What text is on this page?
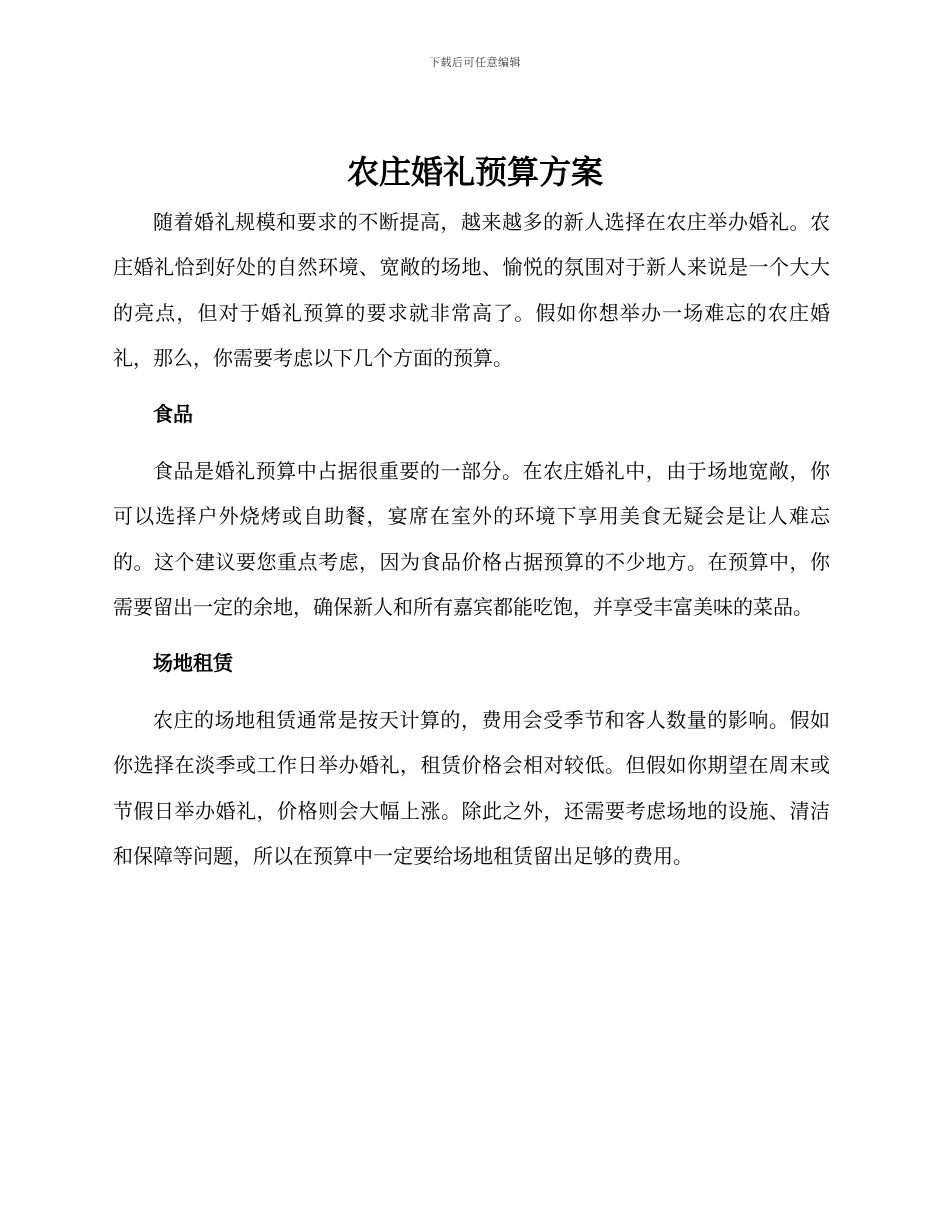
下载后可任意编辑
农庄婚礼预算方案

随着婚礼规模和要求的不断提高，越来越多的新人选择在农庄举办婚礼。农庄婚礼恰到好处的自然环境、宽敞的场地、愉悦的氛围对于新人来说是一个大大的亮点，但对于婚礼预算的要求就非常高了。假如你想举办一场难忘的农庄婚礼，那么，你需要考虑以下几个方面的预算。

食品

食品是婚礼预算中占据很重要的一部分。在农庄婚礼中，由于场地宽敞，你可以选择户外烧烤或自助餐，宴席在室外的环境下享用美食无疑会是让人难忘的。这个建议要您重点考虑，因为食品价格占据预算的不少地方。在预算中，你需要留出一定的余地，确保新人和所有嘉宾都能吃饱，并享受丰富美味的菜品。

场地租赁

农庄的场地租赁通常是按天计算的，费用会受季节和客人数量的影响。假如你选择在淡季或工作日举办婚礼，租赁价格会相对较低。但假如你期望在周末或节假日举办婚礼，价格则会大幅上涨。除此之外，还需要考虑场地的设施、清洁和保障等问题，所以在预算中一定要给场地租赁留出足够的费用。
